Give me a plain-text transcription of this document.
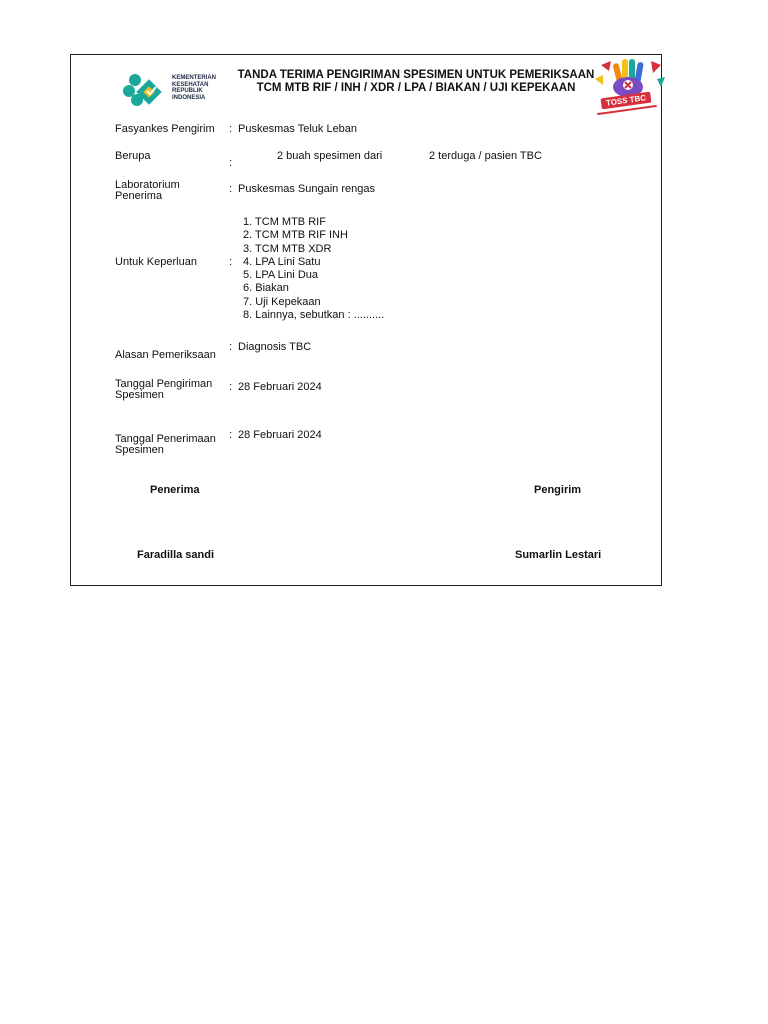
KEMENTERIAN
KESEHATAN
REPUBLIK
INDONESIA
TANDA TERIMA PENGIRIMAN SPESIMEN UNTUK PEMERIKSAAN
TCM MTB RIF / INH / XDR / LPA / BIAKAN / UJI KEPEKAAN
TOSS TBC
Fasyankes Pengirim : Puskesmas Teluk Leban
Berupa
:
2 buah spesimen dari	2 terduga / pasien TBC
Laboratorium
Penerima
: Puskesmas Sungain rengas
Untuk Keperluan	:
1. TCM MTB RIF
2. TCM MTB RIF INH
3. TCM MTB XDR
4. LPA Lini Satu
5. LPA Lini Dua
6. Biakan
7. Uji Kepekaan
8. Lainnya, sebutkan : ..........
Alasan Pemeriksaan
: Diagnosis TBC
Tanggal Pengiriman
Spesimen
: 28 Februari 2024
Tanggal Penerimaan
Spesimen
: 28 Februari 2024
Penerima	Pengirim
Faradilla sandi	Sumarlin Lestari
